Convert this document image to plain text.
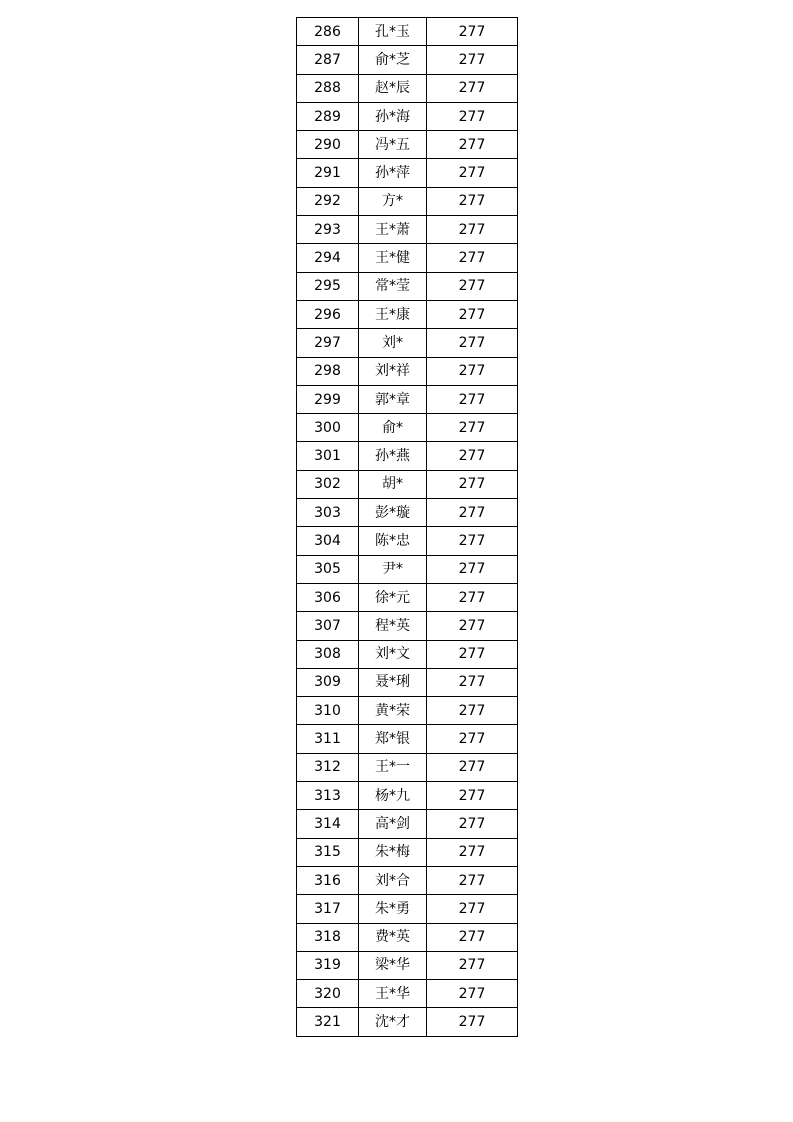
286	孔*玉	277
287	俞*芝	277
288	赵*辰	277
289	孙*海	277
290	冯*五	277
291	孙*萍	277
292	方*	277
293	王*萧	277
294	王*健	277
295	常*莹	277
296	王*康	277
297	刘*	277
298	刘*祥	277
299	郭*章	277
300	俞*	277
301	孙*燕	277
302	胡*	277
303	彭*璇	277
304	陈*忠	277
305	尹*	277
306	徐*元	277
307	程*英	277
308	刘*文	277
309	聂*琍	277
310	黄*荣	277
311	郑*银	277
312	王*一	277
313	杨*九	277
314	高*剑	277
315	朱*梅	277
316	刘*合	277
317	朱*勇	277
318	费*英	277
319	梁*华	277
320	王*华	277
321	沈*才	277
